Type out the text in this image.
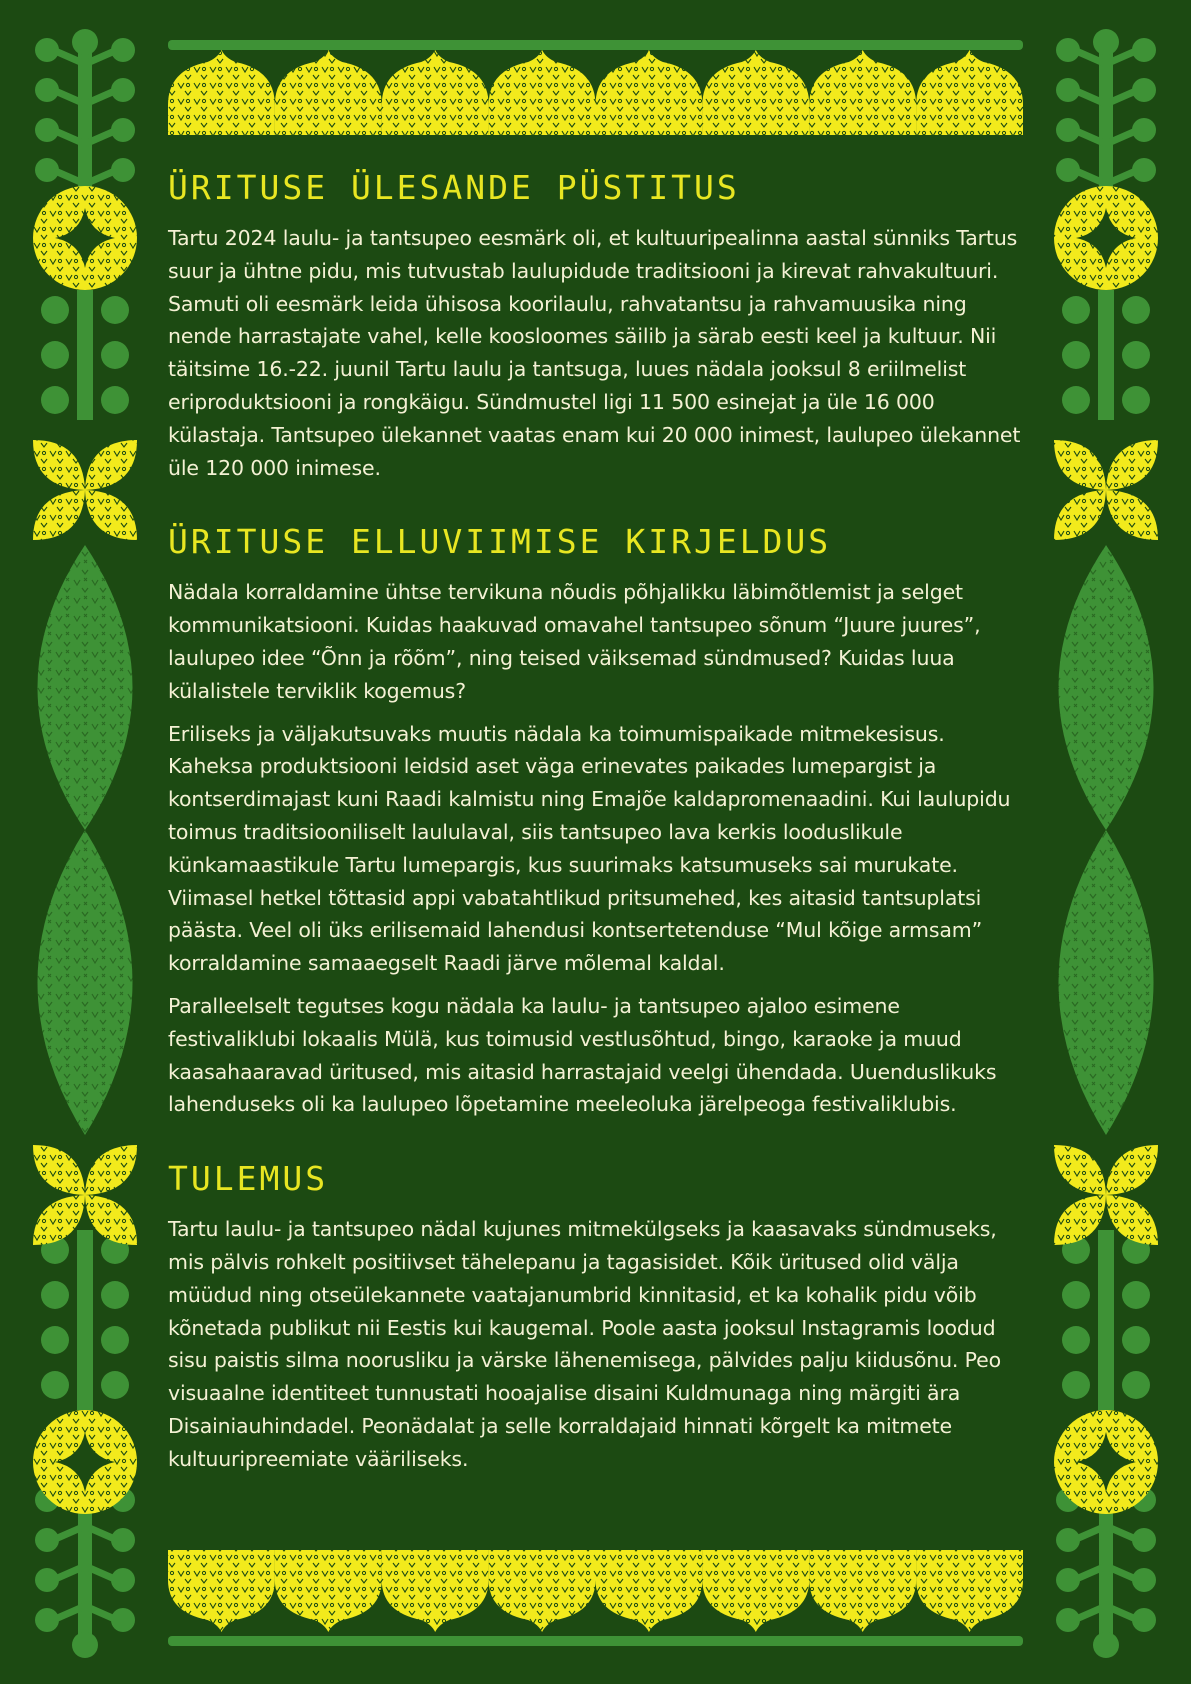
ÜRITUSE ÜLESANDE PÜSTITUS

Tartu 2024 laulu- ja tantsupeo eesmärk oli, et kultuuripealinna aastal sünniks Tartus suur ja ühtne pidu, mis tutvustab laulupidude traditsiooni ja kirevat rahvakultuuri. Samuti oli eesmärk leida ühisosa koorilaulu, rahvatantsu ja rahvamuusika ning nende harrastajate vahel, kelle koosloomes säilib ja särab eesti keel ja kultuur. Nii täitsime 16.-22. juunil Tartu laulu ja tantsuga, luues nädala jooksul 8 eriilmelist eriproduktsiooni ja rongkäigu. Sündmustel ligi 11 500 esinejat ja üle 16 000 külastaja. Tantsupeo ülekannet vaatas enam kui 20 000 inimest, laulupeo ülekannet üle 120 000 inimese.

ÜRITUSE ELLUVIIMISE KIRJELDUS

Nädala korraldamine ühtse tervikuna nõudis põhjalikku läbimõtlemist ja selget kommunikatsiooni. Kuidas haakuvad omavahel tantsupeo sõnum “Juure juures”, laulupeo idee “Õnn ja rõõm”, ning teised väiksemad sündmused? Kuidas luua külalistele terviklik kogemus?

Eriliseks ja väljakutsuvaks muutis nädala ka toimumispaikade mitmekesisus. Kaheksa produktsiooni leidsid aset väga erinevates paikades lumepargist ja kontserdimajast kuni Raadi kalmistu ning Emajõe kaldapromenaadini. Kui laulupidu toimus traditsiooniliselt laululaval, siis tantsupeo lava kerkis looduslikule künkamaastikule Tartu lumepargis, kus suurimaks katsumuseks sai murukate. Viimasel hetkel tõttasid appi vabatahtlikud pritsumehed, kes aitasid tantsuplatsi päästa. Veel oli üks erilisemaid lahendusi kontsertetenduse “Mul kõige armsam” korraldamine samaaegselt Raadi järve mõlemal kaldal.

Paralleelselt tegutses kogu nädala ka laulu- ja tantsupeo ajaloo esimene festivaliklubi lokaalis Mülä, kus toimusid vestlusõhtud, bingo, karaoke ja muud kaasahaaravad üritused, mis aitasid harrastajaid veelgi ühendada. Uuenduslikuks lahenduseks oli ka laulupeo lõpetamine meeleoluka järelpeoga festivaliklubis.

TULEMUS

Tartu laulu- ja tantsupeo nädal kujunes mitmekülgseks ja kaasavaks sündmuseks, mis pälvis rohkelt positiivset tähelepanu ja tagasisidet. Kõik üritused olid välja müüdud ning otseülekannete vaatajanumbrid kinnitasid, et ka kohalik pidu võib kõnetada publikut nii Eestis kui kaugemal. Poole aasta jooksul Instagramis loodud sisu paistis silma noorusliku ja värske lähenemisega, pälvides palju kiidusõnu. Peo visuaalne identiteet tunnustati hooajalise disaini Kuldmunaga ning märgiti ära Disainiauhindadel. Peonädalat ja selle korraldajaid hinnati kõrgelt ka mitmete kultuuripreemiate vääriliseks.
